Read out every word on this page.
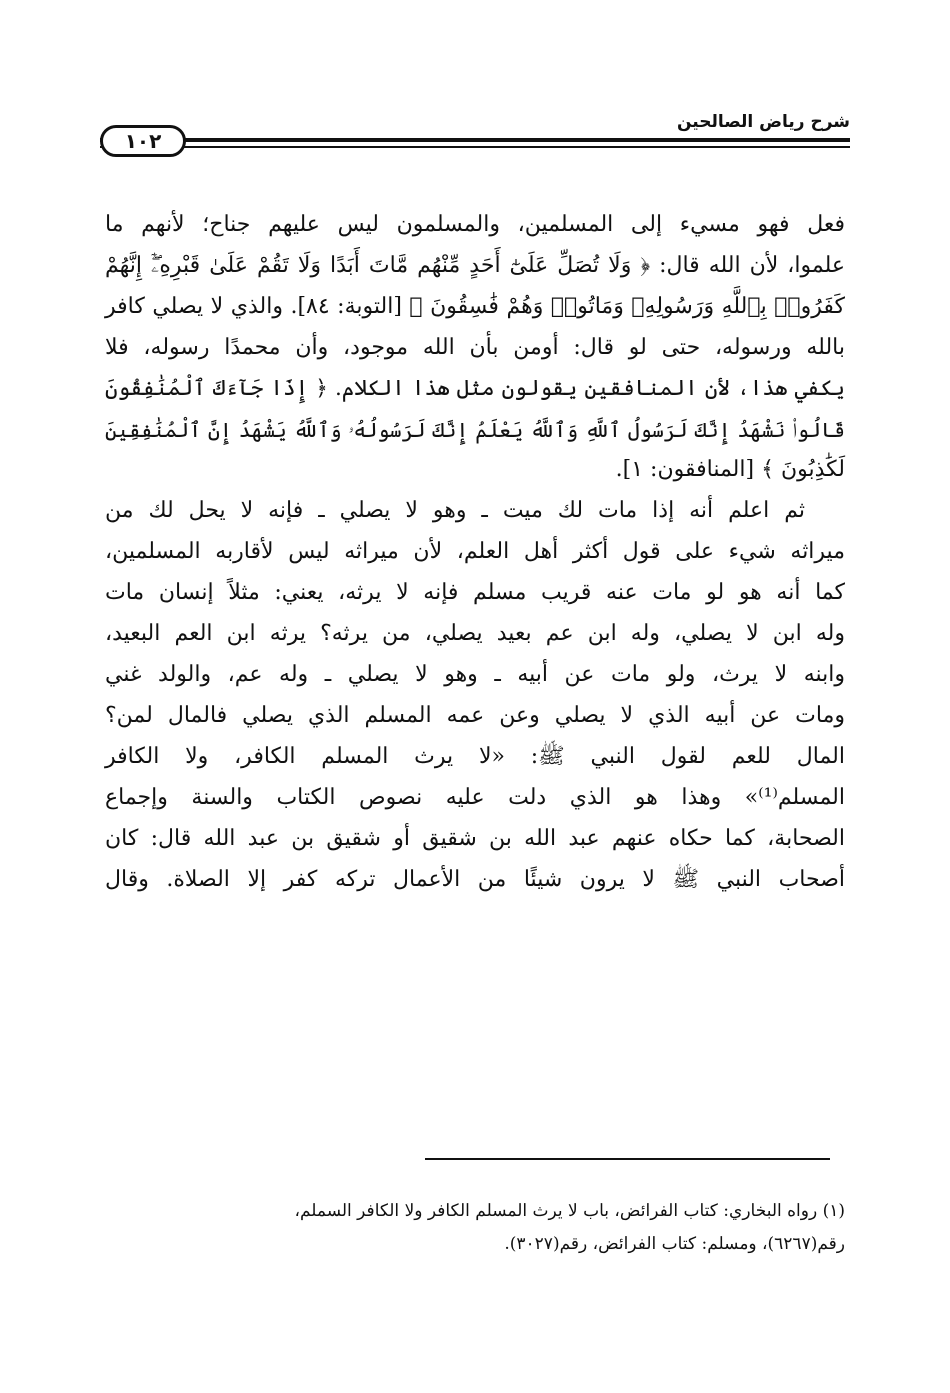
شرح رياض الصالحين
١٠٢

فعل فهو مسيء إلى المسلمين، والمسلمون ليس عليهم جناح؛ لأنهم ما

علموا، لأن الله قال: ﴿ وَلَا تُصَلِّ عَلَىٰٓ أَحَدٍ مِّنْهُم مَّاتَ أَبَدًا وَلَا تَقُمْ عَلَىٰ قَبْرِهِۦٓۖ إِنَّهُمْ

كَفَرُوا۟ بِٱللَّهِ وَرَسُولِهِۦ وَمَاتُوا۟ وَهُمْ فَٰسِقُونَ ﴾ [التوبة: ٨٤]. والذي لا يصلي كافر

بالله ورسوله، حتى لو قال: أومن بأن الله موجود، وأن محمدًا رسوله، فلا

يكفي هذا، لأن المنافقين يقولون مثل هذا الكلام. ﴿ إِذَا جَآءَكَ ٱلْمُنَٰفِقُونَ

قَالُوا۟ نَشْهَدُ إِنَّكَ لَرَسُولُ ٱللَّهِ وَٱللَّهُ يَعْلَمُ إِنَّكَ لَرَسُولُهُۥ وَٱللَّهُ يَشْهَدُ إِنَّ ٱلْمُنَٰفِقِينَ

لَكَٰذِبُونَ ﴾ [المنافقون: ١].

ثم اعلم أنه إذا مات لك ميت ـ وهو لا يصلي ـ فإنه لا يحل لك من

ميراثه شيء على قول أكثر أهل العلم، لأن ميراثه ليس لأقاربه المسلمين،

كما أنه هو لو مات عنه قريب مسلم فإنه لا يرثه، يعني: مثلاً إنسان مات

وله ابن لا يصلي، وله ابن عم بعيد يصلي، من يرثه؟ يرثه ابن العم البعيد،

وابنه لا يرث، ولو مات عن أبيه ـ وهو لا يصلي ـ وله عم، والولد غني

ومات عن أبيه الذي لا يصلي وعن عمه المسلم الذي يصلي فالمال لمن؟

المال للعم لقول النبي ﷺ: «لا يرث المسلم الكافر، ولا الكافر

المسلم⁽¹⁾» وهذا هو الذي دلت عليه نصوص الكتاب والسنة وإجماع

الصحابة، كما حكاه عنهم عبد الله بن شقيق أو شقيق بن عبد الله قال: كان

أصحاب النبي ﷺ لا يرون شيئًا من الأعمال تركه كفر إلا الصلاة. وقال

(١) رواه البخاري: كتاب الفرائض، باب لا يرث المسلم الكافر ولا الكافر السملم،

رقم(٦٢٦٧)، ومسلم: كتاب الفرائض، رقم(٣٠٢٧).
